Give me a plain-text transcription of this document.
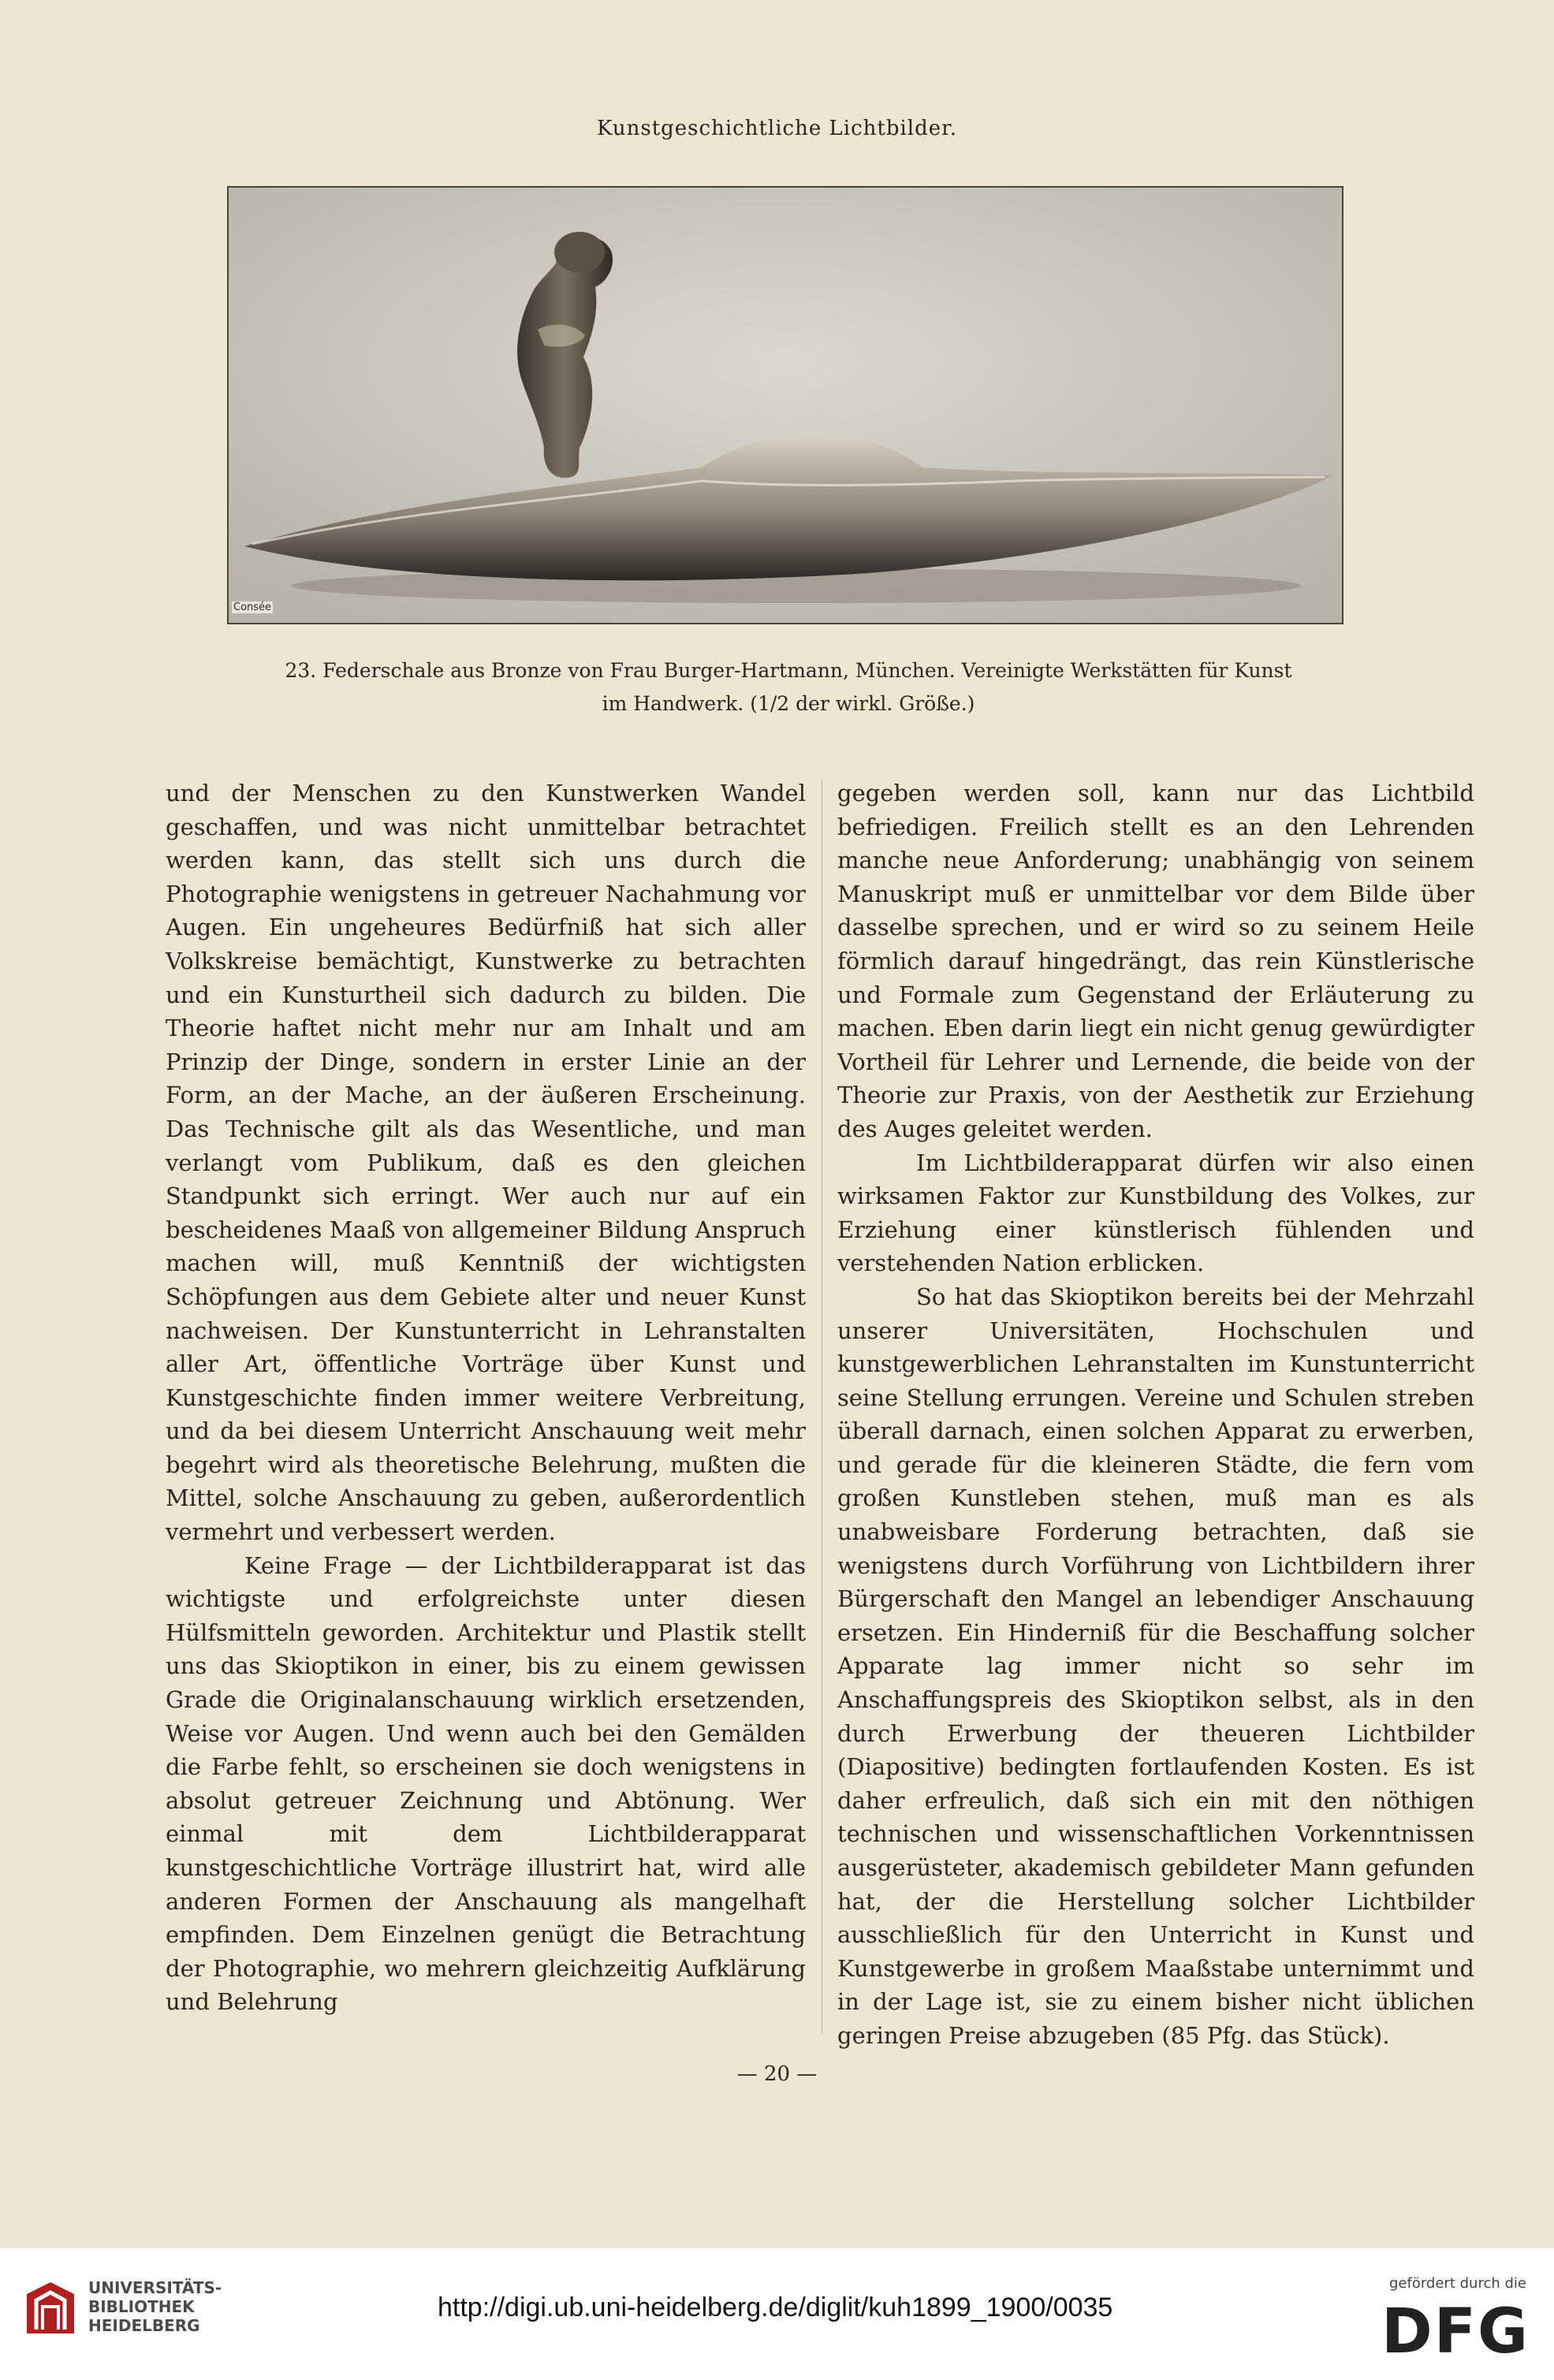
Kunstgeschichtliche Lichtbilder.
Consée
23. Federschale aus Bronze von Frau Burger-Hartmann, München. Vereinigte Werkstätten für Kunst
im Handwerk. (1/2 der wirkl. Größe.)

und der Menschen zu den Kunstwerken Wandel geschaffen, und was nicht unmittelbar betrachtet werden kann, das stellt sich uns durch die Photographie wenigstens in getreuer Nachahmung vor Augen. Ein ungeheures Bedürfniß hat sich aller Volkskreise bemächtigt, Kunstwerke zu betrachten und ein Kunsturtheil sich dadurch zu bilden. Die Theorie haftet nicht mehr nur am Inhalt und am Prinzip der Dinge, sondern in erster Linie an der Form, an der Mache, an der äußeren Erscheinung. Das Technische gilt als das Wesentliche, und man verlangt vom Publikum, daß es den gleichen Standpunkt sich erringt. Wer auch nur auf ein bescheidenes Maaß von allgemeiner Bildung Anspruch machen will, muß Kenntniß der wichtigsten Schöpfungen aus dem Gebiete alter und neuer Kunst nachweisen. Der Kunstunterricht in Lehranstalten aller Art, öffentliche Vorträge über Kunst und Kunstgeschichte finden immer weitere Verbreitung, und da bei diesem Unterricht Anschauung weit mehr begehrt wird als theoretische Belehrung, mußten die Mittel, solche Anschauung zu geben, außerordentlich vermehrt und verbessert werden.

Keine Frage — der Lichtbilderapparat ist das wichtigste und erfolgreichste unter diesen Hülfsmitteln geworden. Architektur und Plastik stellt uns das Skioptikon in einer, bis zu einem gewissen Grade die Originalanschauung wirklich ersetzenden, Weise vor Augen. Und wenn auch bei den Gemälden die Farbe fehlt, so erscheinen sie doch wenigstens in absolut getreuer Zeichnung und Abtönung. Wer einmal mit dem Lichtbilderapparat kunstgeschichtliche Vorträge illustrirt hat, wird alle anderen Formen der Anschauung als mangelhaft empfinden. Dem Einzelnen genügt die Betrachtung der Photographie, wo mehrern gleichzeitig Aufklärung und Belehrung

gegeben werden soll, kann nur das Lichtbild befriedigen. Freilich stellt es an den Lehrenden manche neue Anforderung; unabhängig von seinem Manuskript muß er unmittelbar vor dem Bilde über dasselbe sprechen, und er wird so zu seinem Heile förmlich darauf hingedrängt, das rein Künstlerische und Formale zum Gegenstand der Erläuterung zu machen. Eben darin liegt ein nicht genug gewürdigter Vortheil für Lehrer und Lernende, die beide von der Theorie zur Praxis, von der Aesthetik zur Erziehung des Auges geleitet werden.

Im Lichtbilderapparat dürfen wir also einen wirksamen Faktor zur Kunstbildung des Volkes, zur Erziehung einer künstlerisch fühlenden und verstehenden Nation erblicken.

So hat das Skioptikon bereits bei der Mehrzahl unserer Universitäten, Hochschulen und kunstgewerblichen Lehranstalten im Kunstunterricht seine Stellung errungen. Vereine und Schulen streben überall darnach, einen solchen Apparat zu erwerben, und gerade für die kleineren Städte, die fern vom großen Kunstleben stehen, muß man es als unabweisbare Forderung betrachten, daß sie wenigstens durch Vorführung von Lichtbildern ihrer Bürgerschaft den Mangel an lebendiger Anschauung ersetzen. Ein Hinderniß für die Beschaffung solcher Apparate lag immer nicht so sehr im Anschaffungspreis des Skioptikon selbst, als in den durch Erwerbung der theueren Lichtbilder (Diapositive) bedingten fortlaufenden Kosten. Es ist daher erfreulich, daß sich ein mit den nöthigen technischen und wissenschaftlichen Vorkenntnissen ausgerüsteter, akademisch gebildeter Mann gefunden hat, der die Herstellung solcher Lichtbilder ausschließlich für den Unterricht in Kunst und Kunstgewerbe in großem Maaßstabe unternimmt und in der Lage ist, sie zu einem bisher nicht üblichen geringen Preise abzugeben (85 Pfg. das Stück).

— 20 —
UNIVERSITÄTS-
BIBLIOTHEK
HEIDELBERG
http://digi.ub.uni-heidelberg.de/diglit/kuh1899_1900/0035
gefördert durch die
DFG
